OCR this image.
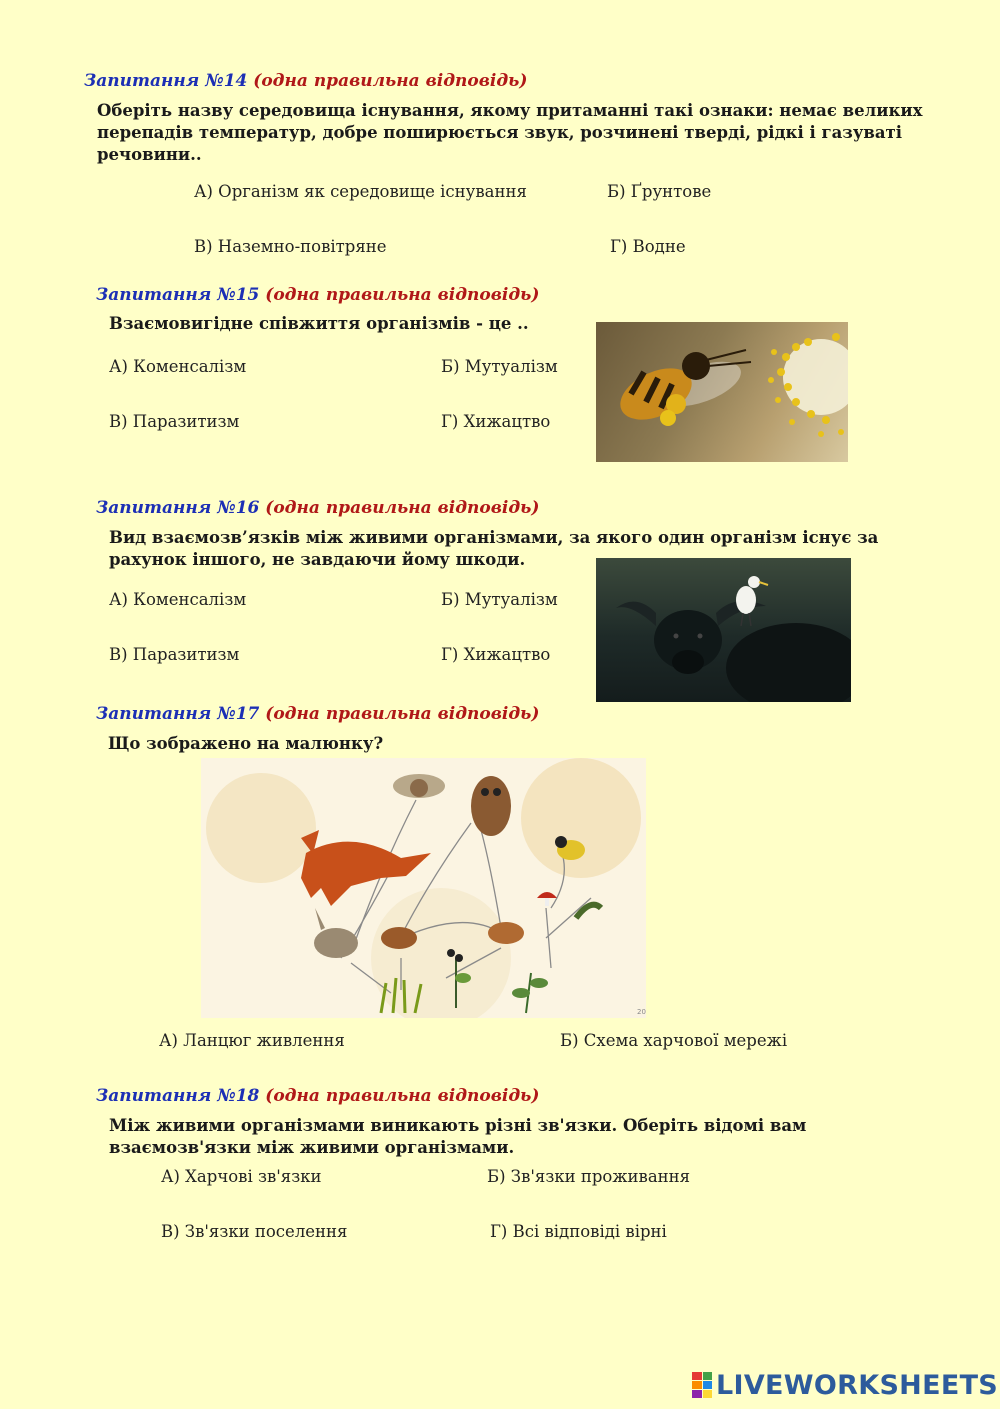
Запитання №14 (одна правильна відповідь)
Оберіть назву середовища існування, якому притаманні такі ознаки: немає великих перепадів температур, добре поширюється звук, розчинені тверді, рідкі і газуваті речовини..
А) Організм як середовище існування	Б) Ґрунтове
В) Наземно-повітряне	Г) Водне
Запитання №15 (одна правильна відповідь)
Взаємовигідне співжиття організмів - це ..
А) Коменсалізм	Б) Мутуалізм
В) Паразитизм	Г) Хижацтво
Запитання №16 (одна правильна відповідь)
Вид взаємозв’язків між живими організмами, за якого один організм існує за рахунок іншого, не завдаючи йому шкоди.
А) Коменсалізм	Б) Мутуалізм
В) Паразитизм	Г) Хижацтво
Запитання №17 (одна правильна відповідь)
Що зображено на малюнку?
20
А) Ланцюг живлення	Б) Схема харчової мережі
Запитання №18 (одна правильна відповідь)
Між живими організмами виникають різні зв'язки. Оберіть відомі вам взаємозв'язки між живими організмами.
А) Харчові зв'язки	Б) Зв'язки проживання
В) Зв'язки поселення	Г) Всі відповіді вірні
LIVEWORKSHEETS
